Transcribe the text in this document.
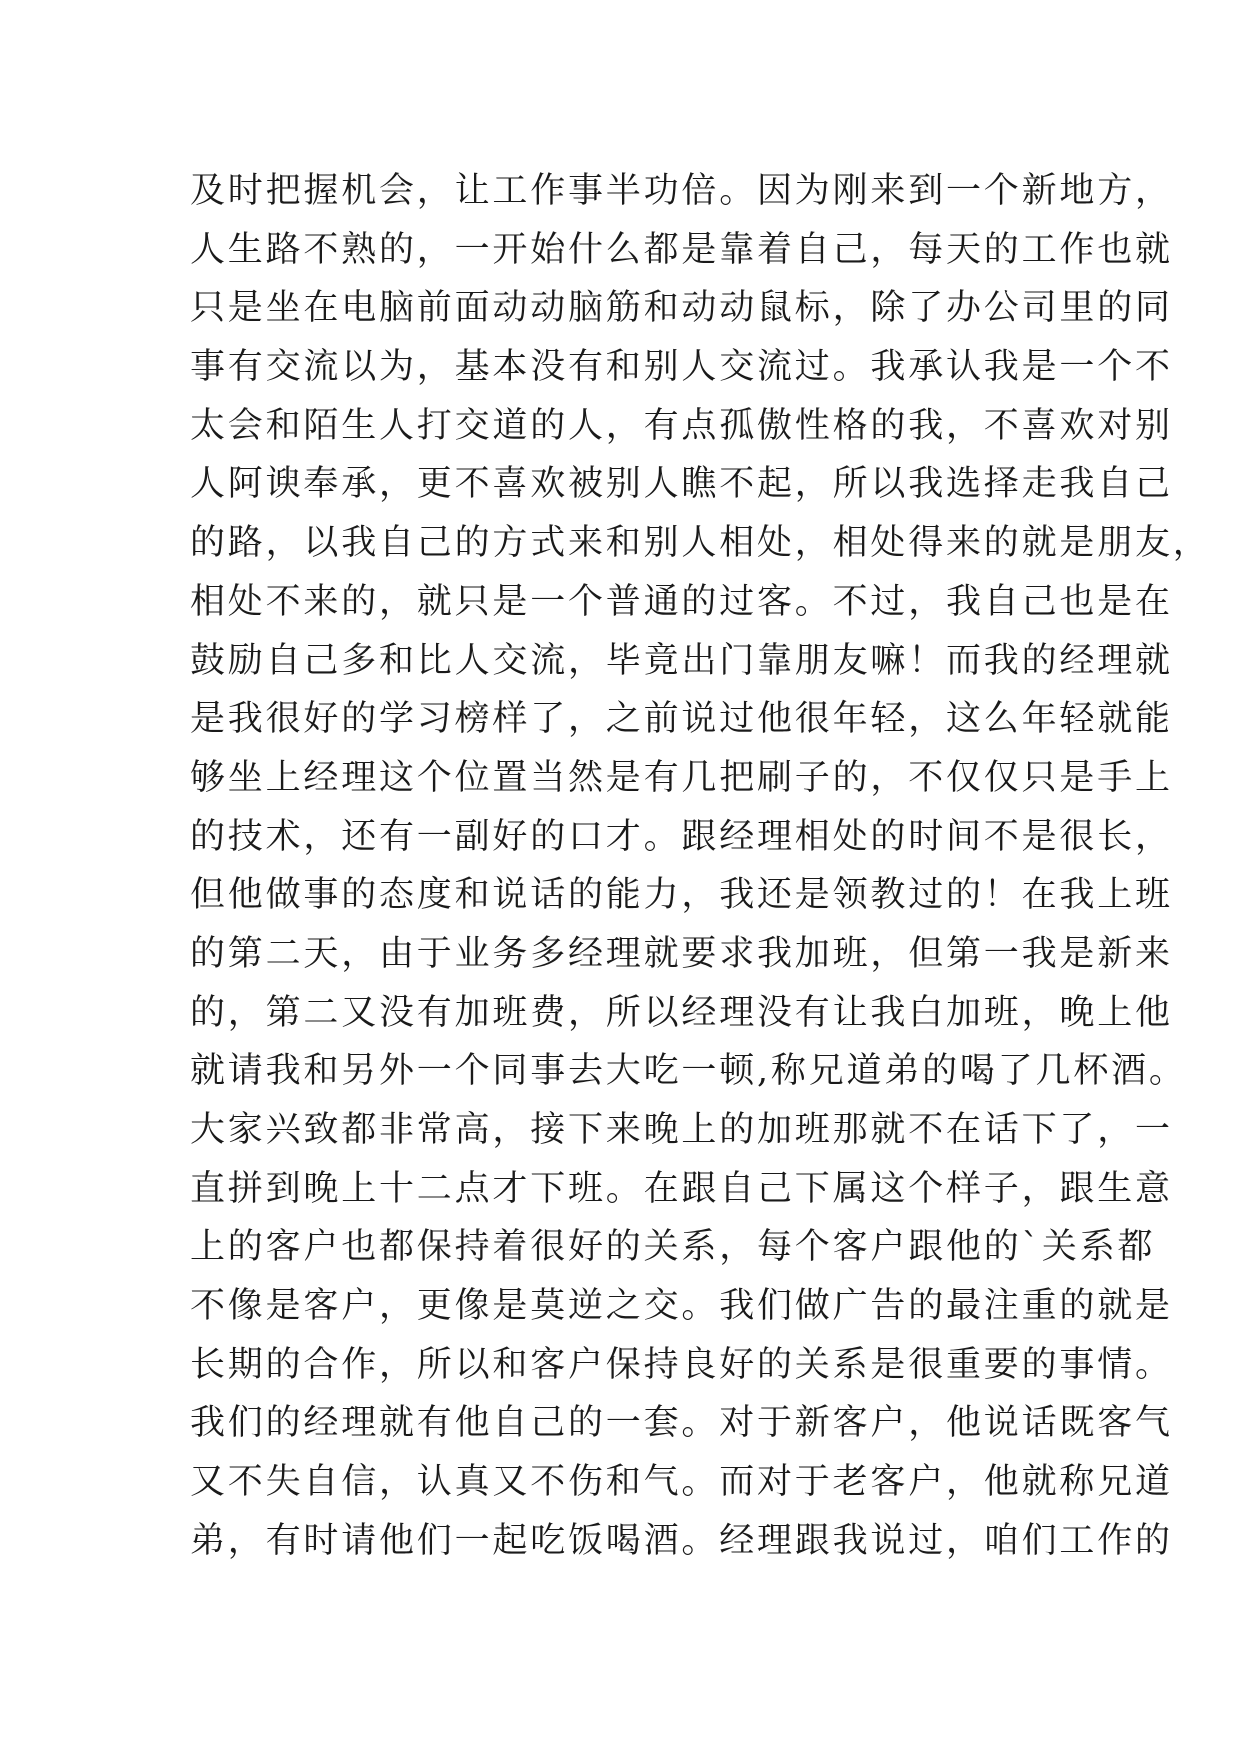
及时把握机会，让工作事半功倍。因为刚来到一个新地方，
人生路不熟的，一开始什么都是靠着自己，每天的工作也就
只是坐在电脑前面动动脑筋和动动鼠标，除了办公司里的同
事有交流以为，基本没有和别人交流过。我承认我是一个不
太会和陌生人打交道的人，有点孤傲性格的我，不喜欢对别
人阿谀奉承，更不喜欢被别人瞧不起，所以我选择走我自己
的路，以我自己的方式来和别人相处，相处得来的就是朋友，
相处不来的，就只是一个普通的过客。不过，我自己也是在
鼓励自己多和比人交流，毕竟出门靠朋友嘛！而我的经理就
是我很好的学习榜样了，之前说过他很年轻，这么年轻就能
够坐上经理这个位置当然是有几把刷子的，不仅仅只是手上
的技术，还有一副好的口才。跟经理相处的时间不是很长，
但他做事的态度和说话的能力，我还是领教过的！在我上班
的第二天，由于业务多经理就要求我加班，但第一我是新来
的，第二又没有加班费，所以经理没有让我白加班，晚上他
就请我和另外一个同事去大吃一顿,称兄道弟的喝了几杯酒。
大家兴致都非常高，接下来晚上的加班那就不在话下了，一
直拼到晚上十二点才下班。在跟自己下属这个样子，跟生意
上的客户也都保持着很好的关系，每个客户跟他的`关系都
不像是客户，更像是莫逆之交。我们做广告的最注重的就是
长期的合作，所以和客户保持良好的关系是很重要的事情。
我们的经理就有他自己的一套。对于新客户，他说话既客气
又不失自信，认真又不伤和气。而对于老客户，他就称兄道
弟，有时请他们一起吃饭喝酒。经理跟我说过，咱们工作的
